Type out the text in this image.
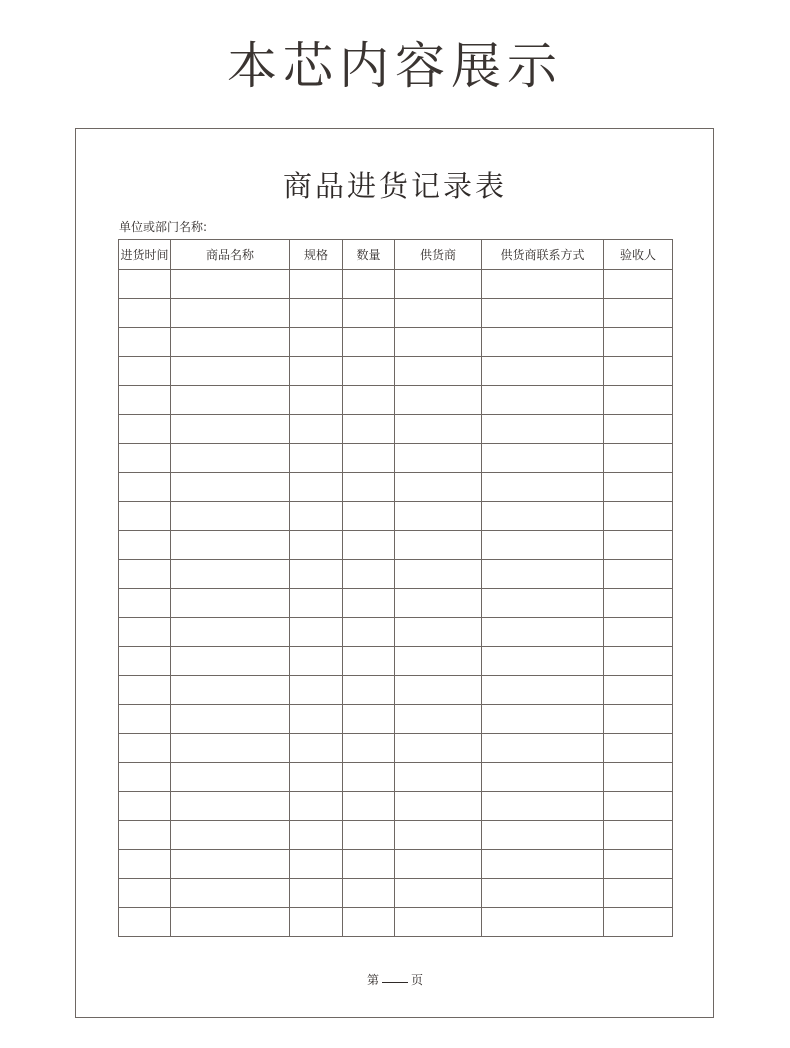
本芯内容展示
商品进货记录表
单位或部门名称:
进货时间	商品名称	规格	数量	供货商	供货商联系方式	验收人

第	页
